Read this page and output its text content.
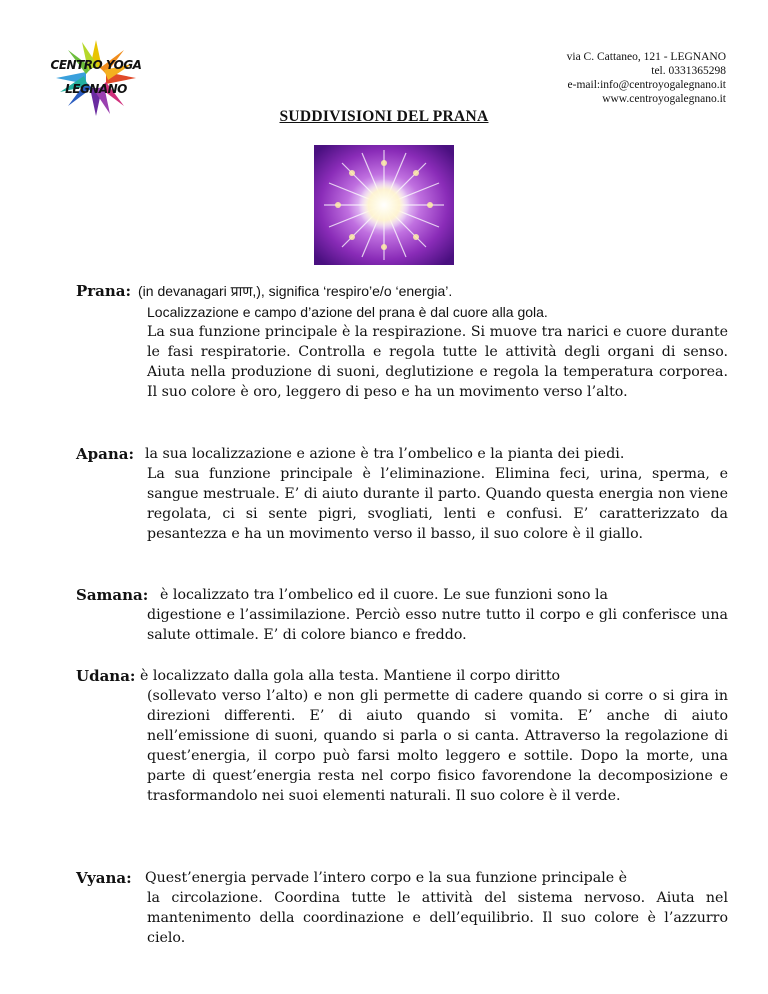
CENTRO YOGA
LEGNANO
via C. Cattaneo, 121 - LEGNANO
tel. 0331365298
e-mail:info@centroyogalegnano.it
www.centroyogalegnano.it
SUDDIVISIONI DEL PRANA
Prana: (in devanagari प्राण,), significa ‘respiro’e/o ‘energia’.
Localizzazione e campo d’azione del prana è dal cuore alla gola.
La sua funzione principale è la respirazione. Si muove tra narici e cuore durante le fasi respiratorie. Controlla e regola tutte le attività degli organi di senso. Aiuta nella produzione di suoni, deglutizione e regola la temperatura corporea. Il suo colore è oro, leggero di peso e ha un movimento verso l’alto.
Apana: la sua localizzazione e azione è tra l’ombelico e la pianta dei piedi.
La sua funzione principale è l’eliminazione. Elimina feci, urina, sperma, e sangue mestruale. E’ di aiuto durante il parto. Quando questa energia non viene regolata, ci si sente pigri, svogliati, lenti e confusi. E’ caratterizzato da pesantezza e ha un movimento verso il basso, il suo colore è il giallo.
Samana: è localizzato tra l’ombelico ed il cuore. Le sue funzioni sono la
digestione e l’assimilazione. Perciò esso nutre tutto il corpo e gli conferisce una salute ottimale. E’ di colore bianco e freddo.
Udana: è localizzato dalla gola alla testa. Mantiene il corpo diritto
(sollevato verso l’alto) e non gli permette di cadere quando si corre o si gira in direzioni differenti. E’ di aiuto quando si vomita. E’ anche di aiuto nell’emissione di suoni, quando si parla o si canta. Attraverso la regolazione di quest’energia, il corpo può farsi molto leggero e sottile. Dopo la morte, una parte di quest’energia resta nel corpo fisico favorendone la decomposizione e trasformandolo nei suoi elementi naturali. Il suo colore è il verde.
Vyana: Quest’energia pervade l’intero corpo e la sua funzione principale è
la circolazione. Coordina tutte le attività del sistema nervoso. Aiuta nel mantenimento della coordinazione e dell’equilibrio. Il suo colore è l’azzurro cielo.
